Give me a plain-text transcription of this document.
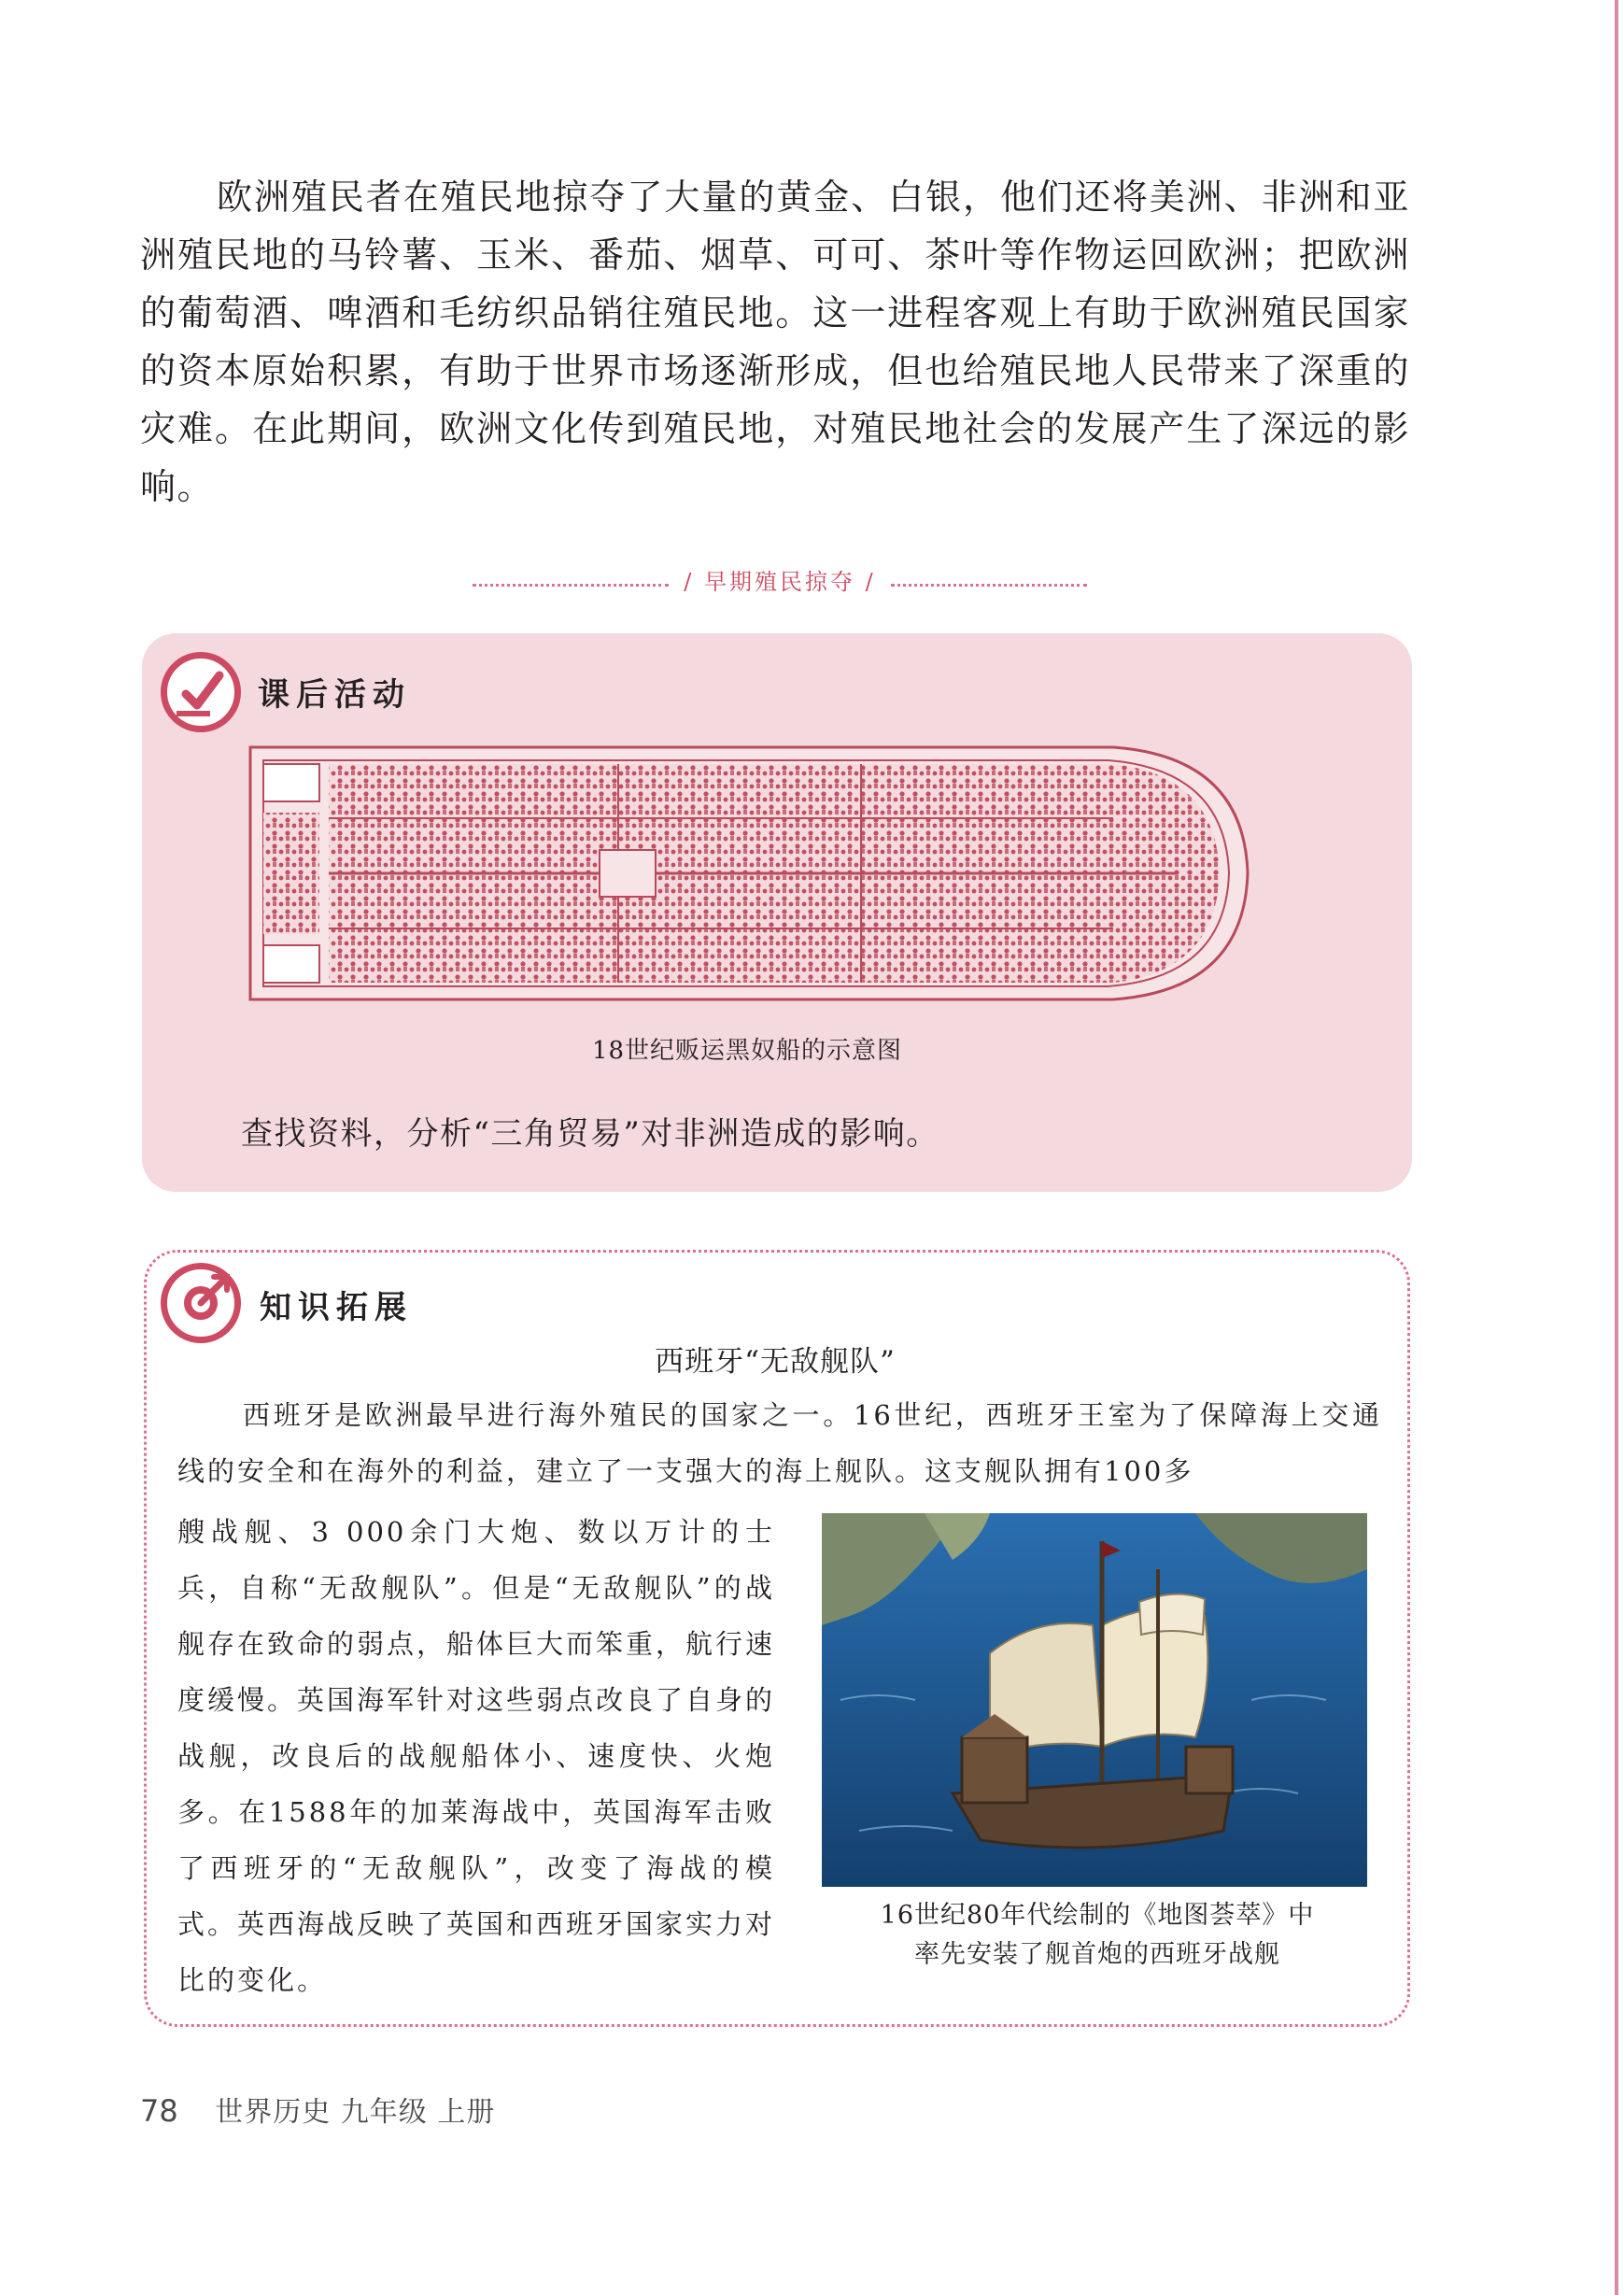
欧洲殖民者在殖民地掠夺了大量的黄金、白银，他们还将美洲、非洲和亚洲殖民地的马铃薯、玉米、番茄、烟草、可可、茶叶等作物运回欧洲；把欧洲的葡萄酒、啤酒和毛纺织品销往殖民地。这一进程客观上有助于欧洲殖民国家的资本原始积累，有助于世界市场逐渐形成，但也给殖民地人民带来了深重的灾难。在此期间，欧洲文化传到殖民地，对殖民地社会的发展产生了深远的影响。

/ 早期殖民掠夺 /
课后活动
18世纪贩运黑奴船的示意图
查找资料，分析“三角贸易”对非洲造成的影响。
知识拓展
西班牙“无敌舰队”

西班牙是欧洲最早进行海外殖民的国家之一。16世纪，西班牙王室为了保障海上交通线的安全和在海外的利益，建立了一支强大的海上舰队。这支舰队拥有100多

艘战舰、3 000余门大炮、数以万计的士兵，自称“无敌舰队”。但是“无敌舰队”的战舰存在致命的弱点，船体巨大而笨重，航行速度缓慢。英国海军针对这些弱点改良了自身的战舰，改良后的战舰船体小、速度快、火炮多。在1588年的加莱海战中，英国海军击败了西班牙的“无敌舰队”，改变了海战的模式。英西海战反映了英国和西班牙国家实力对比的变化。

16世纪80年代绘制的《地图荟萃》中
率先安装了舰首炮的西班牙战舰
78 世界历史 九年级 上册
